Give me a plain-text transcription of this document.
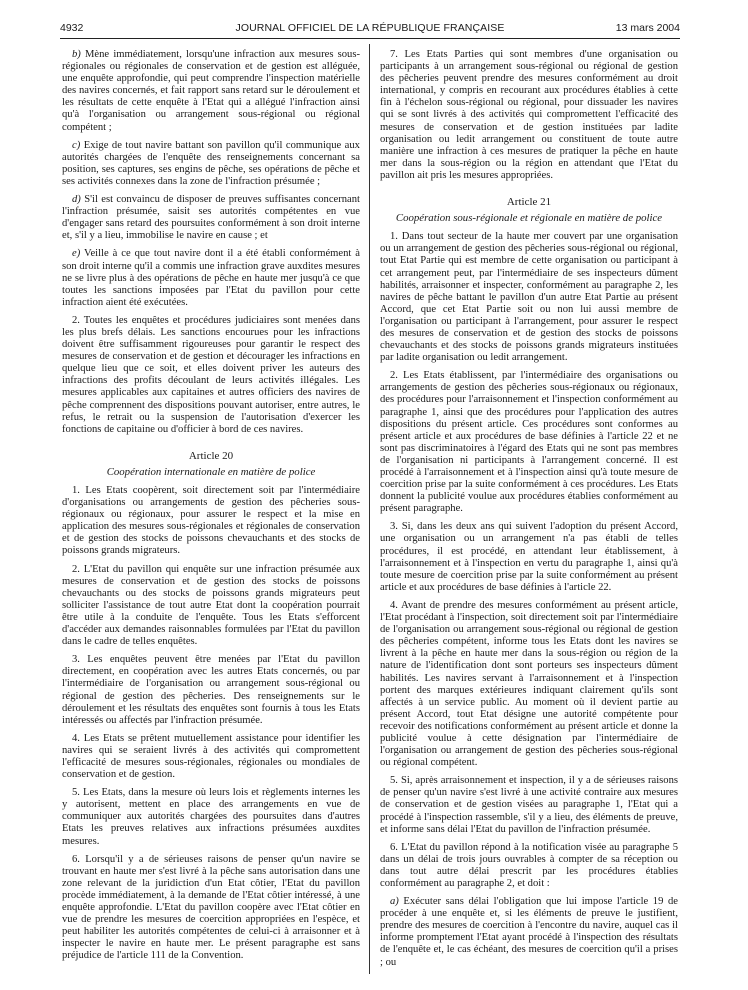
4932	JOURNAL OFFICIEL DE LA RÉPUBLIQUE FRANÇAISE	13 mars 2004

b) Mène immédiatement, lorsqu'une infraction aux mesures sous-régionales ou régionales de conservation et de gestion est alléguée, une enquête approfondie, qui peut comprendre l'inspection matérielle des navires concernés, et fait rapport sans retard sur le déroulement et les résultats de cette enquête à l'Etat qui a allégué l'infraction ainsi qu'à l'organisation ou arrangement sous-régional ou régional compétent ;

c) Exige de tout navire battant son pavillon qu'il communique aux autorités chargées de l'enquête des renseignements concernant sa position, ses captures, ses engins de pêche, ses opérations de pêche et ses activités connexes dans la zone de l'infraction présumée ;

d) S'il est convaincu de disposer de preuves suffisantes concernant l'infraction présumée, saisit ses autorités compétentes en vue d'engager sans retard des poursuites conformément à son droit interne et, s'il y a lieu, immobilise le navire en cause ; et

e) Veille à ce que tout navire dont il a été établi conformément à son droit interne qu'il a commis une infraction grave auxdites mesures ne se livre plus à des opérations de pêche en haute mer jusqu'à ce que toutes les sanctions imposées par l'Etat du pavillon pour cette infraction aient été exécutées.

2. Toutes les enquêtes et procédures judiciaires sont menées dans les plus brefs délais. Les sanctions encourues pour les infractions doivent être suffisamment rigoureuses pour garantir le respect des mesures de conservation et de gestion et décourager les infractions en quelque lieu que ce soit, et elles doivent priver les auteurs des infractions des profits découlant de leurs activités illégales. Les mesures applicables aux capitaines et autres officiers des navires de pêche comprennent des dispositions pouvant autoriser, entre autres, le refus, le retrait ou la suspension de l'autorisation d'exercer les fonctions de capitaine ou d'officier à bord de ces navires.

Article 20
Coopération internationale en matière de police

1. Les Etats coopèrent, soit directement soit par l'intermédiaire d'organisations ou arrangements de gestion des pêcheries sous-régionaux ou régionaux, pour assurer le respect et la mise en application des mesures sous-régionales et régionales de conservation et de gestion des stocks de poissons chevauchants et des stocks de poissons grands migrateurs.

2. L'Etat du pavillon qui enquête sur une infraction présumée aux mesures de conservation et de gestion des stocks de poissons chevauchants ou des stocks de poissons grands migrateurs peut solliciter l'assistance de tout autre Etat dont la coopération pourrait être utile à la conduite de l'enquête. Tous les Etats s'efforcent d'accéder aux demandes raisonnables formulées par l'Etat du pavillon dans le cadre de telles enquêtes.

3. Les enquêtes peuvent être menées par l'Etat du pavillon directement, en coopération avec les autres Etats concernés, ou par l'intermédiaire de l'organisation ou arrangement sous-régional ou régional de gestion des pêcheries. Des renseignements sur le déroulement et les résultats des enquêtes sont fournis à tous les Etats intéressés ou affectés par l'infraction présumée.

4. Les Etats se prêtent mutuellement assistance pour identifier les navires qui se seraient livrés à des activités qui compromettent l'efficacité de mesures sous-régionales, régionales ou mondiales de conservation et de gestion.

5. Les Etats, dans la mesure où leurs lois et règlements internes les y autorisent, mettent en place des arrangements en vue de communiquer aux autorités chargées des poursuites dans d'autres Etats les preuves relatives aux infractions présumées auxdites mesures.

6. Lorsqu'il y a de sérieuses raisons de penser qu'un navire se trouvant en haute mer s'est livré à la pêche sans autorisation dans une zone relevant de la juridiction d'un Etat côtier, l'Etat du pavillon procède immédiatement, à la demande de l'Etat côtier intéressé, à une enquête approfondie. L'Etat du pavillon coopère avec l'Etat côtier en vue de prendre les mesures de coercition appropriées en l'espèce, et peut habiliter les autorités compétentes de celui-ci à arraisonner et à inspecter le navire en haute mer. Le présent paragraphe est sans préjudice de l'article 111 de la Convention.

7. Les Etats Parties qui sont membres d'une organisation ou participants à un arrangement sous-régional ou régional de gestion des pêcheries peuvent prendre des mesures conformément au droit international, y compris en recourant aux procédures établies à cette fin à l'échelon sous-régional ou régional, pour dissuader les navires qui se sont livrés à des activités qui compromettent l'efficacité des mesures de conservation et de gestion instituées par ladite organisation ou ledit arrangement ou constituent de toute autre manière une infraction à ces mesures de pratiquer la pêche en haute mer dans la sous-région ou la région en attendant que l'Etat du pavillon ait pris les mesures appropriées.

Article 21
Coopération sous-régionale et régionale en matière de police

1. Dans tout secteur de la haute mer couvert par une organisation ou un arrangement de gestion des pêcheries sous-régional ou régional, tout Etat Partie qui est membre de cette organisation ou participant à cet arrangement peut, par l'intermédiaire de ses inspecteurs dûment habilités, arraisonner et inspecter, conformément au paragraphe 2, les navires de pêche battant le pavillon d'un autre Etat Partie au présent Accord, que cet Etat Partie soit ou non lui aussi membre de l'organisation ou participant à l'arrangement, pour assurer le respect des mesures de conservation et de gestion des stocks de poissons chevauchants et des stocks de poissons grands migrateurs instituées par ladite organisation ou ledit arrangement.

2. Les Etats établissent, par l'intermédiaire des organisations ou arrangements de gestion des pêcheries sous-régionaux ou régionaux, des procédures pour l'arraisonnement et l'inspection conformément au paragraphe 1, ainsi que des procédures pour l'application des autres dispositions du présent article. Ces procédures sont conformes au présent article et aux procédures de base définies à l'article 22 et ne sont pas discriminatoires à l'égard des Etats qui ne sont pas membres de l'organisation ni participants à l'arrangement concerné. Il est procédé à l'arraisonnement et à l'inspection ainsi qu'à toute mesure de coercition prise par la suite conformément à ces procédures. Les Etats donnent la publicité voulue aux procédures établies conformément au présent paragraphe.

3. Si, dans les deux ans qui suivent l'adoption du présent Accord, une organisation ou un arrangement n'a pas établi de telles procédures, il est procédé, en attendant leur établissement, à l'arraisonnement et à l'inspection en vertu du paragraphe 1, ainsi qu'à toute mesure de coercition prise par la suite conformément au présent article et aux procédures de base définies à l'article 22.

4. Avant de prendre des mesures conformément au présent article, l'Etat procédant à l'inspection, soit directement soit par l'intermédiaire de l'organisation ou arrangement sous-régional ou régional de gestion des pêcheries compétent, informe tous les Etats dont les navires se livrent à la pêche en haute mer dans la sous-région ou région de la nature de l'identification dont sont porteurs ses inspecteurs dûment habilités. Les navires servant à l'arraisonnement et à l'inspection portent des marques extérieures indiquant clairement qu'ils sont affectés à un service public. Au moment où il devient partie au présent Accord, tout Etat désigne une autorité compétente pour recevoir des notifications conformément au présent article et donne la publicité voulue à cette désignation par l'intermédiaire de l'organisation ou arrangement de gestion des pêcheries sous-régional ou régional compétent.

5. Si, après arraisonnement et inspection, il y a de sérieuses raisons de penser qu'un navire s'est livré à une activité contraire aux mesures de conservation et de gestion visées au paragraphe 1, l'Etat qui a procédé à l'inspection rassemble, s'il y a lieu, des éléments de preuve, et informe sans délai l'Etat du pavillon de l'infraction présumée.

6. L'Etat du pavillon répond à la notification visée au paragraphe 5 dans un délai de trois jours ouvrables à compter de sa réception ou dans tout autre délai prescrit par les procédures établies conformément au paragraphe 2, et doit :

a) Exécuter sans délai l'obligation que lui impose l'article 19 de procéder à une enquête et, si les éléments de preuve le justifient, prendre des mesures de coercition à l'encontre du navire, auquel cas il informe promptement l'Etat ayant procédé à l'inspection des résultats de l'enquête et, le cas échéant, des mesures de coercition qu'il a prises ; ou
